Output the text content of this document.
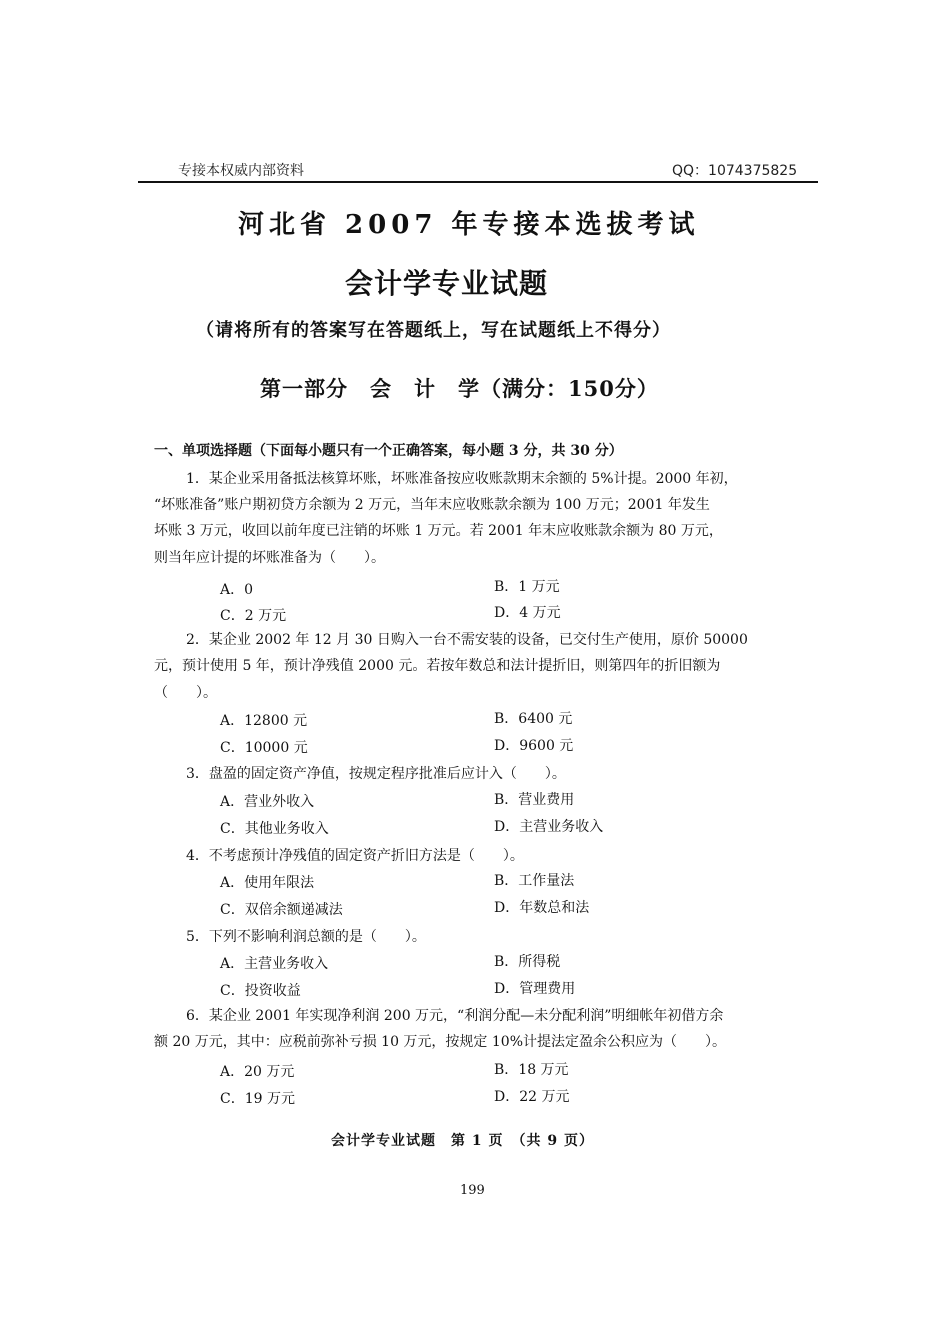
专接本权威内部资料	QQ：1074375825
河北省 2007 年专接本选拔考试
会计学专业试题
（请将所有的答案写在答题纸上，写在试题纸上不得分）
第一部分　会　计　学（满分：150分）
一、单项选择题（下面每小题只有一个正确答案，每小题 3 分，共 30 分）
1．某企业采用备抵法核算坏账，坏账准备按应收账款期末余额的 5%计提。2000 年初，
“坏账准备”账户期初贷方余额为 2 万元，当年末应收账款余额为 100 万元；2001 年发生
坏账 3 万元，收回以前年度已注销的坏账 1 万元。若 2001 年末应收账款余额为 80 万元，
则当年应计提的坏账准备为（　　）。
A．0	B．1 万元
C．2 万元	D．4 万元
2．某企业 2002 年 12 月 30 日购入一台不需安装的设备，已交付生产使用，原价 50000
元，预计使用 5 年，预计净残值 2000 元。若按年数总和法计提折旧，则第四年的折旧额为
（　　）。
A．12800 元	B．6400 元
C．10000 元	D．9600 元
3．盘盈的固定资产净值，按规定程序批准后应计入（　　）。
A．营业外收入	B．营业费用
C．其他业务收入	D．主营业务收入
4．不考虑预计净残值的固定资产折旧方法是（　　）。
A．使用年限法	B．工作量法
C．双倍余额递减法	D．年数总和法
5．下列不影响利润总额的是（　　）。
A．主营业务收入	B．所得税
C．投资收益	D．管理费用
6．某企业 2001 年实现净利润 200 万元，“利润分配—未分配利润”明细帐年初借方余
额 20 万元，其中：应税前弥补亏损 10 万元，按规定 10%计提法定盈余公积应为（　　）。
A．20 万元	B．18 万元
C．19 万元	D．22 万元
会计学专业试题　第 1 页　（共 9 页）
199
